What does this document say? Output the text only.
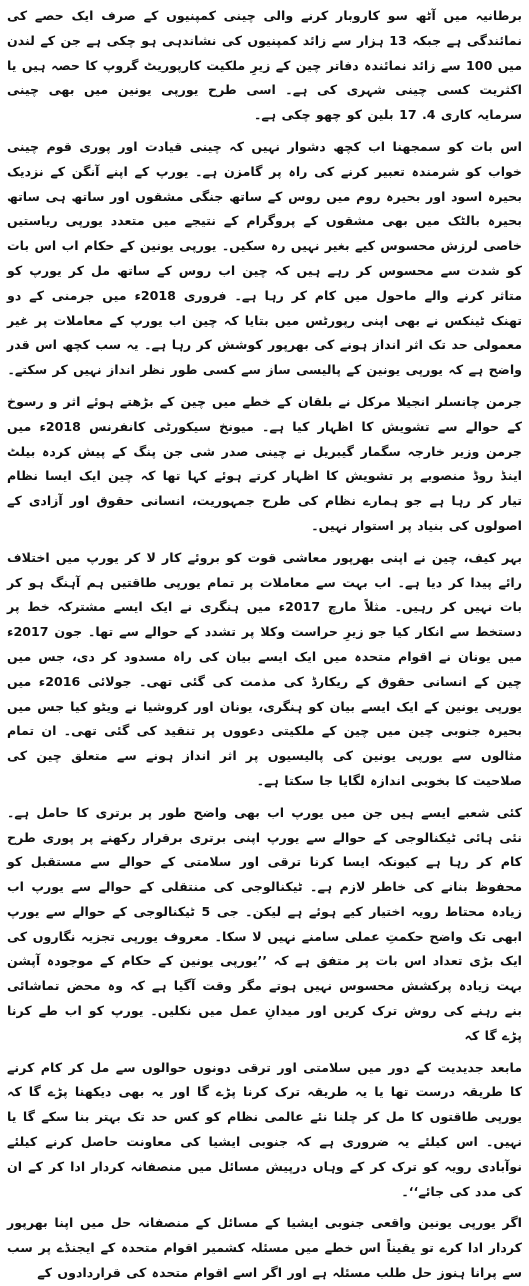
برطانیہ میں آٹھ سو کاروبار کرنے والی چینی کمپنیوں کے صرف ایک حصے کی نمائندگی ہے جبکہ 13 ہزار سے زائد کمپنیوں کی نشاندہی ہو چکی ہے جن کے لندن میں 100 سے زائد نمائندہ دفاتر چین کے زیرِ ملکیت کارپوریٹ گروپ کا حصہ ہیں یا اکثریت کسی چینی شہری کی ہے۔ اسی طرح یورپی یونین میں بھی چینی سرمایہ کاری 4. 17 بلین کو چھو چکی ہے۔

اس بات کو سمجھنا اب کچھ دشوار نہیں کہ چینی قیادت اور پوری قوم چینی خواب کو شرمندہ تعبیر کرنے کی راہ پر گامزن ہے۔ یورپ کے اپنے آنگن کے نزدیک بحیرہ اسود اور بحیرہ روم میں روس کے ساتھ جنگی مشقوں اور ساتھ ہی ساتھ بحیرہ بالٹک میں بھی مشقوں کے پروگرام کے نتیجے میں متعدد یورپی ریاستیں خاصی لرزش محسوس کیے بغیر نہیں رہ سکیں۔ یورپی یونین کے حکام اب اس بات کو شدت سے محسوس کر رہے ہیں کہ چین اب روس کے ساتھ مل کر یورپ کو متاثر کرنے والے ماحول میں کام کر رہا ہے۔ فروری 2018ء میں جرمنی کے دو تھنک ٹینکس نے بھی اپنی رپورٹس میں بتایا کہ چین اب یورپ کے معاملات پر غیر معمولی حد تک اثر انداز ہونے کی بھرپور کوشش کر رہا ہے۔ یہ سب کچھ اس قدر واضح ہے کہ یورپی یونین کے پالیسی ساز سے کسی طور نظر انداز نہیں کر سکتے۔

جرمن چانسلر انجیلا مرکل نے بلقان کے خطے میں چین کے بڑھتے ہوئے اثر و رسوخ کے حوالے سے تشویش کا اظہار کیا ہے۔ میونخ سیکورٹی کانفرنس 2018ء میں جرمن وزیر خارجہ سگمار گیبریل نے چینی صدر شی جن پنگ کے پیش کردہ بیلٹ اینڈ روڈ منصوبے پر تشویش کا اظہار کرتے ہوئے کہا تھا کہ چین ایک ایسا نظام تیار کر رہا ہے جو ہمارے نظام کی طرح جمہوریت، انسانی حقوق اور آزادی کے اصولوں کی بنیاد پر استوار نہیں۔

بہر کیف، چین نے اپنی بھرپور معاشی قوت کو بروئے کار لا کر یورپ میں اختلاف رائے پیدا کر دیا ہے۔ اب بہت سے معاملات پر تمام یورپی طاقتیں ہم آہنگ ہو کر بات نہیں کر رہیں۔ مثلاً مارچ 2017ء میں ہنگری نے ایک ایسے مشترکہ خط پر دستخط سے انکار کیا جو زیرِ حراست وکلا پر تشدد کے حوالے سے تھا۔ جون 2017ء میں یونان نے اقوام متحدہ میں ایک ایسے بیان کی راہ مسدود کر دی، جس میں چین کے انسانی حقوق کے ریکارڈ کی مذمت کی گئی تھی۔ جولائی 2016ء میں یورپی یونین کے ایک ایسے بیان کو ہنگری، یونان اور کروشیا نے ویٹو کیا جس میں بحیرہ جنوبی چین میں چین کے ملکیتی دعووں پر تنقید کی گئی تھی۔ ان تمام مثالوں سے یورپی یونین کی پالیسیوں پر اثر انداز ہونے سے متعلق چین کی صلاحیت کا بخوبی اندازہ لگایا جا سکتا ہے۔

کئی شعبے ایسے ہیں جن میں یورپ اب بھی واضح طور پر برتری کا حامل ہے۔ نئی ہائی ٹیکنالوجی کے حوالے سے یورپ اپنی برتری برقرار رکھنے پر پوری طرح کام کر رہا ہے کیونکہ ایسا کرنا ترقی اور سلامتی کے حوالے سے مستقبل کو محفوظ بنانے کی خاطر لازم ہے۔ ٹیکنالوجی کی منتقلی کے حوالے سے یورپ اب زیادہ محتاط رویہ اختیار کیے ہوئے ہے لیکن۔ جی 5 ٹیکنالوجی کے حوالے سے یورپ ابھی تک واضح حکمتِ عملی سامنے نہیں لا سکا۔ معروف یورپی تجزیہ نگاروں کی ایک بڑی تعداد اس بات پر متفق ہے کہ ’’یورپی یونین کے حکام کے موجودہ آپشن بہت زیادہ پرکشش محسوس نہیں ہوتے مگر وقت آگیا ہے کہ وہ محض تماشائی بنے رہنے کی روش ترک کریں اور میدانِ عمل میں نکلیں۔ یورپ کو اب طے کرنا پڑے گا کہ

مابعد جدیدیت کے دور میں سلامتی اور ترقی دونوں حوالوں سے مل کر کام کرنے کا طریقہ درست تھا یا یہ طریقہ ترک کرنا پڑے گا اور یہ بھی دیکھنا پڑے گا کہ یورپی طاقتوں کا مل کر چلنا نئے عالمی نظام کو کس حد تک بہتر بنا سکے گا یا نہیں۔ اس کیلئے یہ ضروری ہے کہ جنوبی ایشیا کی معاونت حاصل کرنے کیلئے نوآبادی رویہ کو ترک کر کے وہاں درپیش مسائل میں منصفانہ کردار ادا کر کے ان کی مدد کی جائے‘‘۔

اگر یورپی یونین واقعی جنوبی ایشیا کے مسائل کے منصفانہ حل میں اپنا بھرپور کردار ادا کرے تو یقیناً اس خطے میں مسئلہ کشمیر اقوام متحدہ کے ایجنڈے پر سب سے پرانا ہنوز حل طلب مسئلہ ہے اور اگر اسے اقوام متحدہ کی قراردادوں کے
